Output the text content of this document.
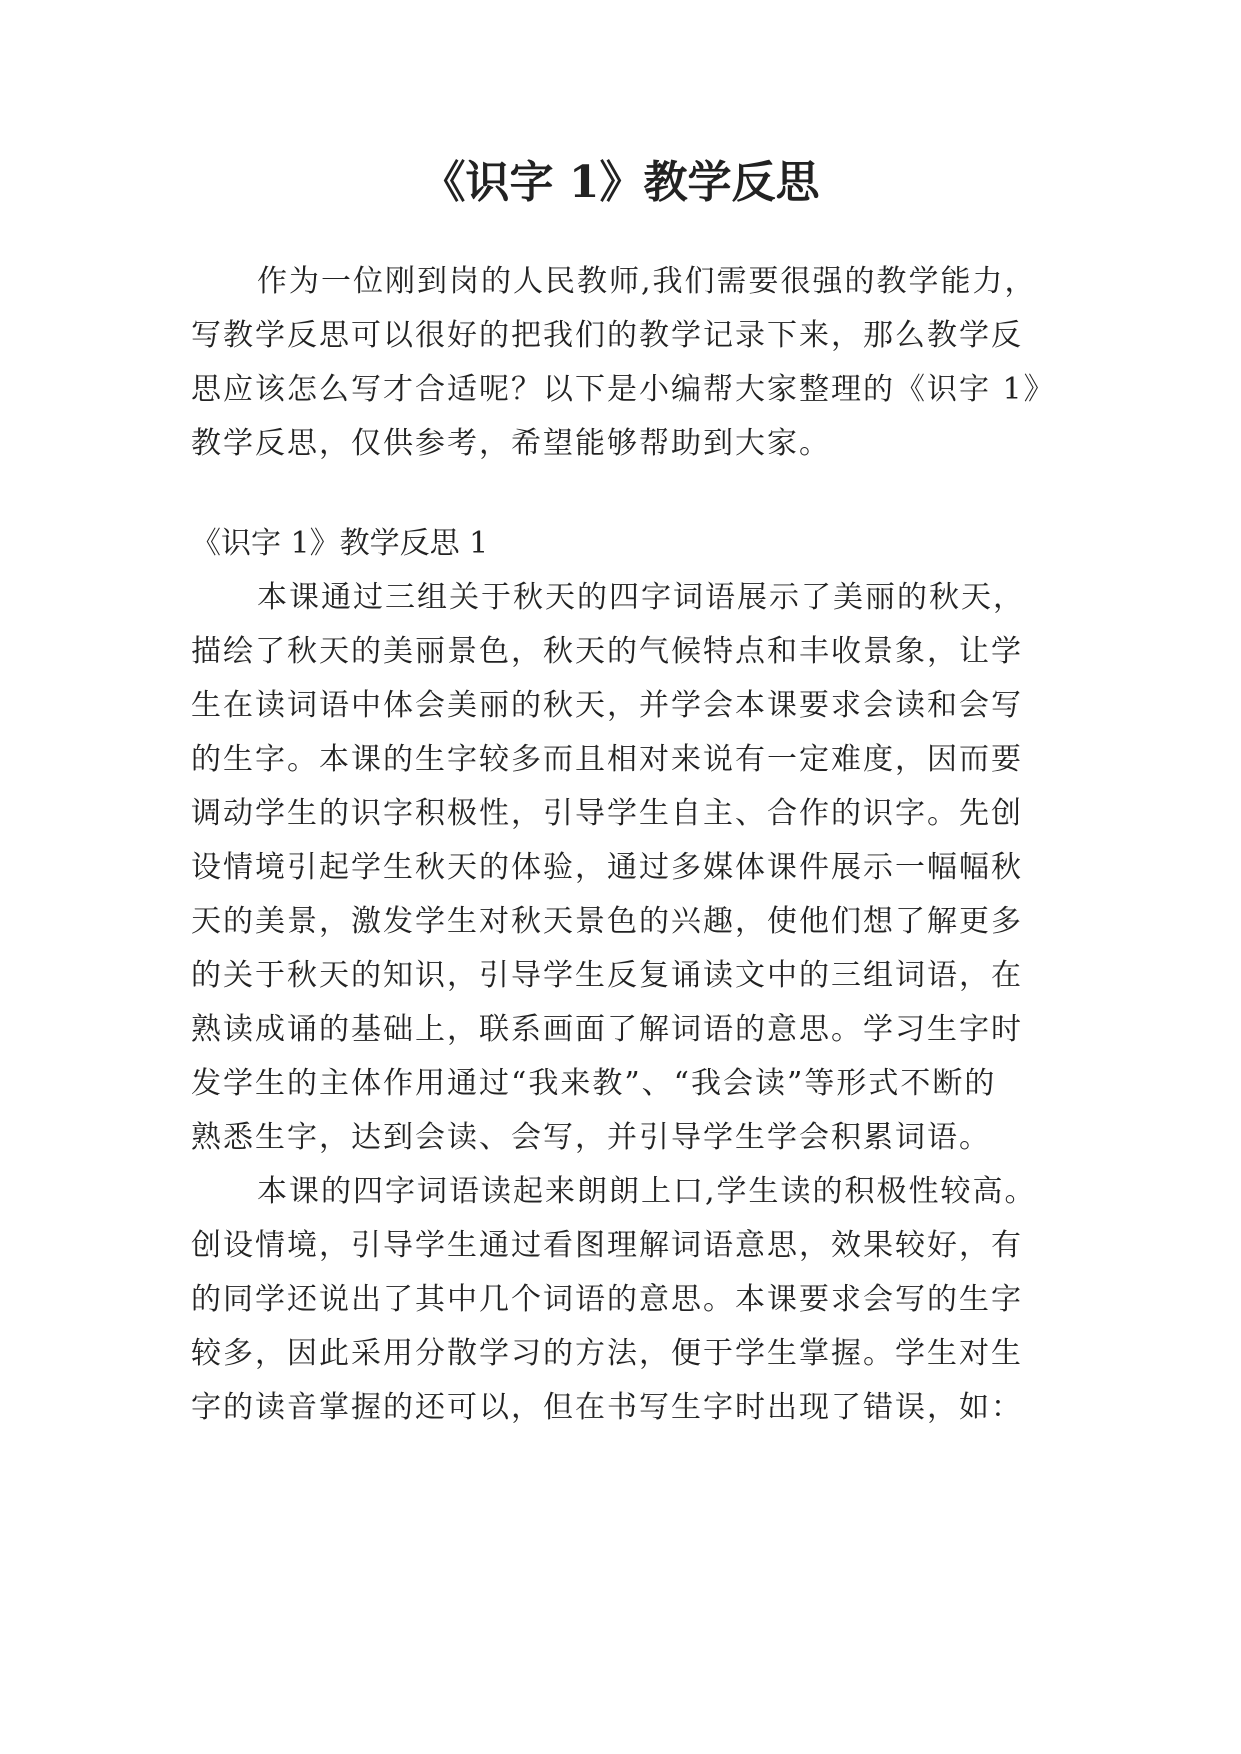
《识字 1》教学反思
作为一位刚到岗的人民教师,我们需要很强的教学能力，
写教学反思可以很好的把我们的教学记录下来，那么教学反
思应该怎么写才合适呢？以下是小编帮大家整理的《识字 1》
教学反思，仅供参考，希望能够帮助到大家。
《识字 1》教学反思 1
本课通过三组关于秋天的四字词语展示了美丽的秋天，
描绘了秋天的美丽景色，秋天的气候特点和丰收景象，让学
生在读词语中体会美丽的秋天，并学会本课要求会读和会写
的生字。本课的生字较多而且相对来说有一定难度，因而要
调动学生的识字积极性，引导学生自主、合作的识字。先创
设情境引起学生秋天的体验，通过多媒体课件展示一幅幅秋
天的美景，激发学生对秋天景色的兴趣，使他们想了解更多
的关于秋天的知识，引导学生反复诵读文中的三组词语，在
熟读成诵的基础上，联系画面了解词语的意思。学习生字时
发学生的主体作用通过“我来教”、“我会读”等形式不断的
熟悉生字，达到会读、会写，并引导学生学会积累词语。
本课的四字词语读起来朗朗上口,学生读的积极性较高。
创设情境，引导学生通过看图理解词语意思，效果较好，有
的同学还说出了其中几个词语的意思。本课要求会写的生字
较多，因此采用分散学习的方法，便于学生掌握。学生对生
字的读音掌握的还可以，但在书写生字时出现了错误，如：
